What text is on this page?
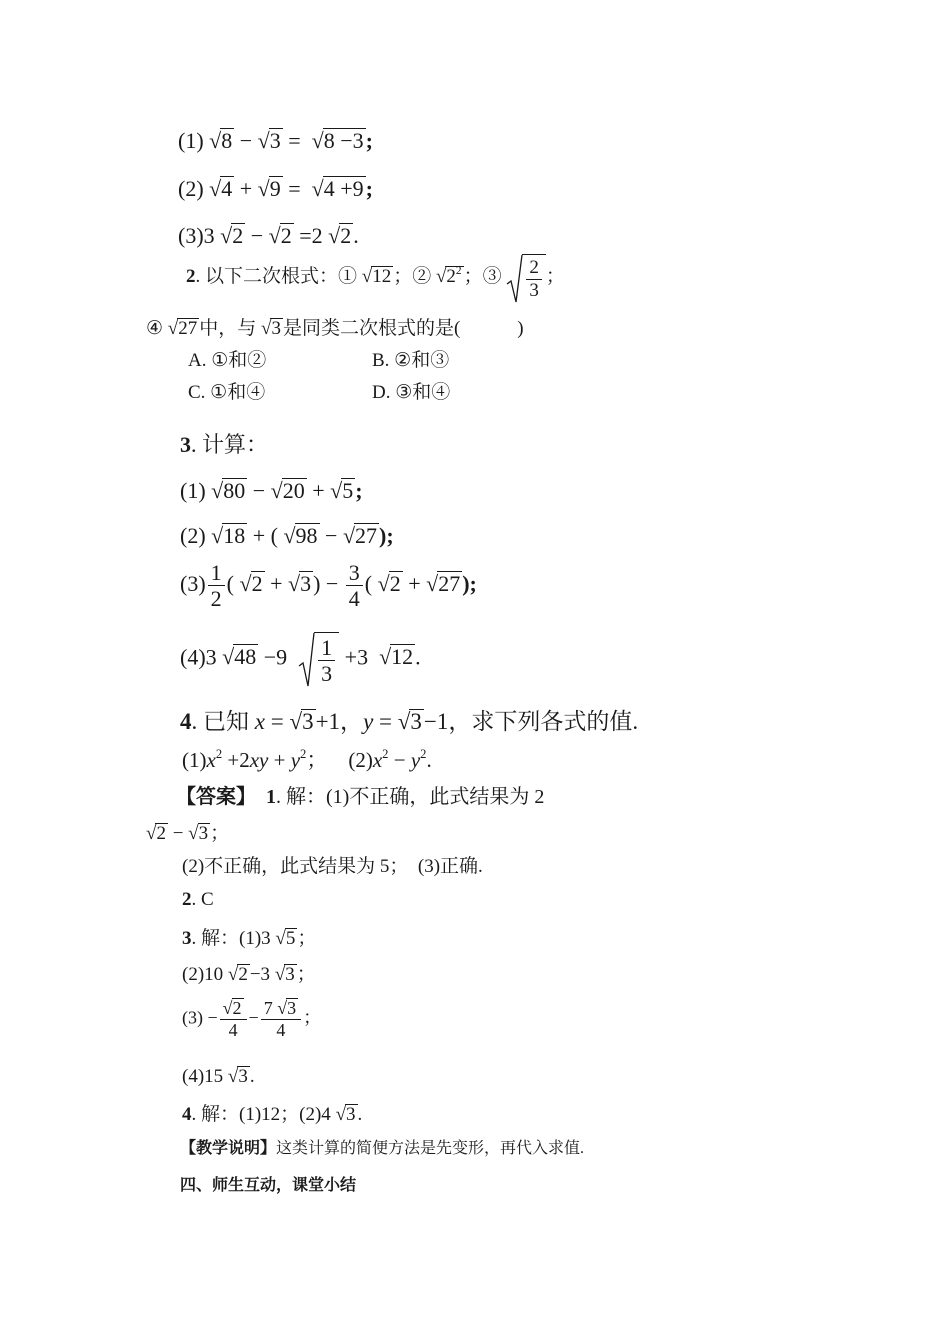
(1) √8 − √3 =  √8 −3;
(2) √4 + √9 =  √4 +9;
(3)3 √2 − √2 =2 √2.
2. 以下二次根式：① √12 ；② $√2^2$ ；③ $\frac{2}{3}$ ；
④ √27 中，与 √3 是同类二次根式的是(　　　)
A. ①和②	B. ②和③
C. ①和④	D. ③和④
3. 计算：
(1) √80 − √20 + √5;
(2) √18 + ( √98 − √27);
$(3) \frac{1}{2}$ ( $√2 + √3) - \frac{3}{4}$ ( √2 + √27);
(4)3 $√48 -9 \frac{1}{3} +3$ √12.
4. 已知 x = √3+1，y = √3−1，求下列各式的值.
$(1)x^2 +2xy + y^2$；　  $(2)x^2 - y^2$.
【答案】 1. 解：(1)不正确，此式结果为 2
√2 − √3 ；
(2)不正确，此式结果为 5；　(3)正确.
2. C
3. 解：(1)3 √5 ；
(2)10 √2 −3 √3 ；
$(3) - \frac{√2}{4} - \frac{7 √3}{4}$ ；
(4)15 √3 .
4. 解：(1)12；(2)4 √3 .
【教学说明】这类计算的简便方法是先变形，再代入求值.
四、师生互动，课堂小结
